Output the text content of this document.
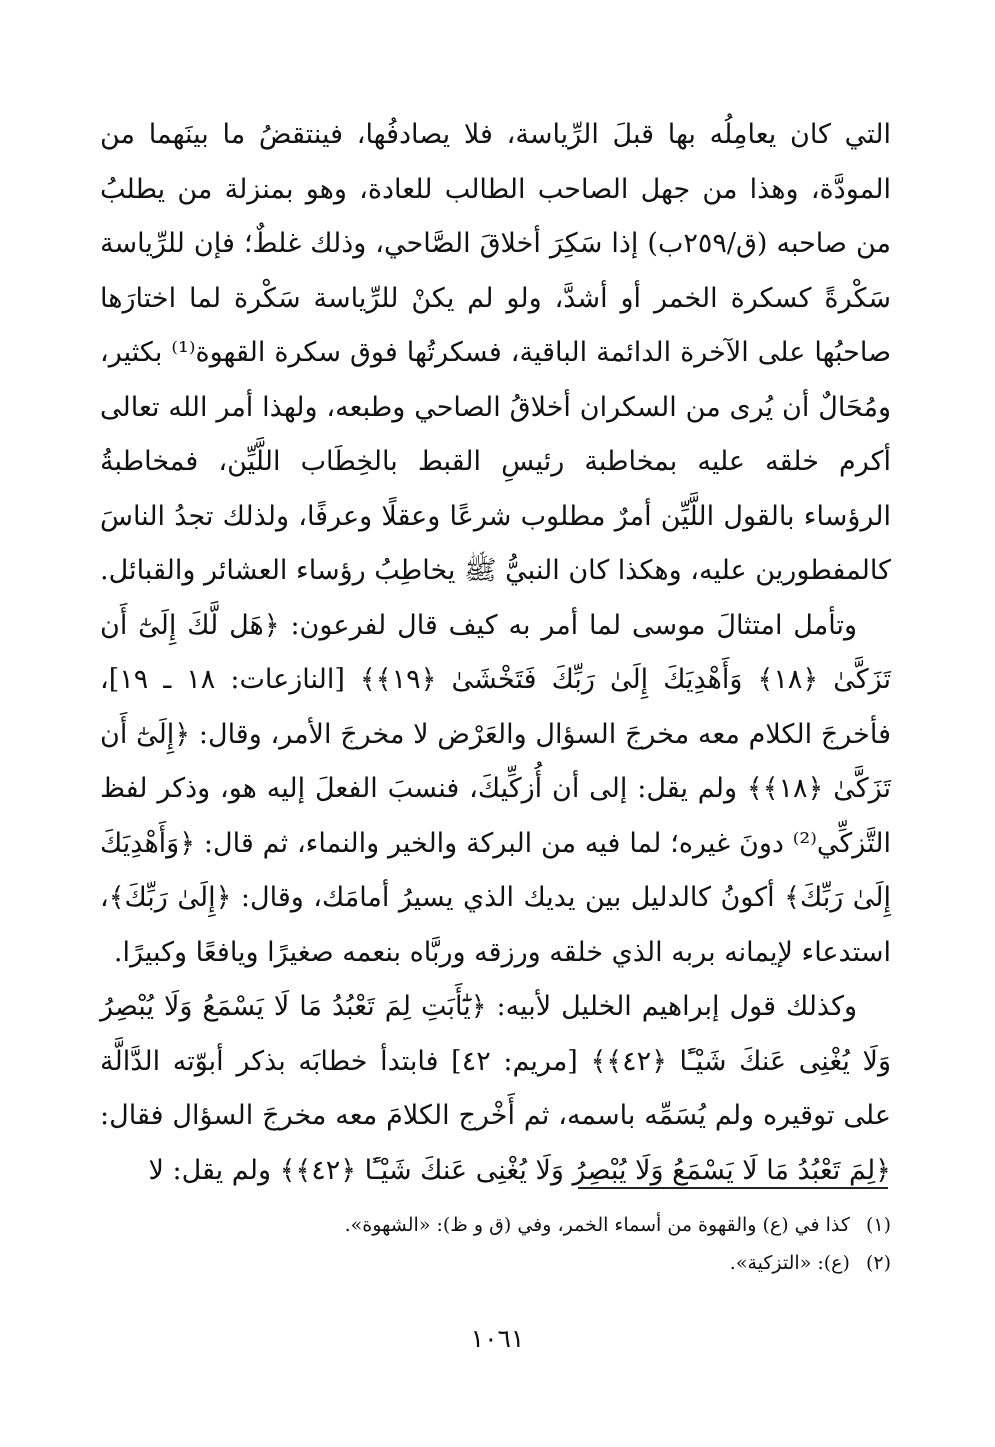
التي كان يعامِلُه بها قبلَ الرِّياسة، فلا يصادفُها، فينتقضُ ما بينَهما من المودَّة، وهذا من جهل الصاحب الطالب للعادة، وهو بمنزلة من يطلبُ من صاحبه (ق/٢٥٩ب) إذا سَكِرَ أخلاقَ الصَّاحي، وذلك غلطٌ؛ فإن للرِّياسة سَكْرةً كسكرة الخمر أو أشدَّ، ولو لم يكنْ للرِّياسة سَكْرة لما اختارَها صاحبُها على الآخرة الدائمة الباقية، فسكرتُها فوق سكرة القهوة⁽¹⁾ بكثير، ومُحَالٌ أن يُرى من السكران أخلاقُ الصاحي وطبعه، ولهذا أمر الله تعالى أكرم خلقه عليه بمخاطبة رئيسِ القبط بالخِطَاب اللَّيِّن، فمخاطبةُ الرؤساء بالقول اللَّيِّن أمرٌ مطلوب شرعًا وعقلًا وعرفًا، ولذلك تجدُ الناسَ كالمفطورين عليه، وهكذا كان النبيُّ ﷺ يخاطِبُ رؤساء العشائر والقبائل.

وتأمل امتثالَ موسى لما أمر به كيف قال لفرعون: ﴿هَل لَّكَ إِلَىٰٓ أَن تَزَكَّىٰ ﴿١٨﴾ وَأَهْدِيَكَ إِلَىٰ رَبِّكَ فَتَخْشَىٰ ﴿١٩﴾﴾ [النازعات: ١٨ ـ ١٩]، فأخرجَ الكلام معه مخرجَ السؤال والعَرْض لا مخرجَ الأمر، وقال: ﴿إِلَىٰٓ أَن تَزَكَّىٰ ﴿١٨﴾﴾ ولم يقل: إلى أن أُزكِّيكَ، فنسبَ الفعلَ إليه هو، وذكر لفظ التَّزكِّي⁽²⁾ دونَ غيره؛ لما فيه من البركة والخير والنماء، ثم قال: ﴿وَأَهْدِيَكَ إِلَىٰ رَبِّكَ﴾ أكونُ كالدليل بين يديك الذي يسيرُ أمامَك، وقال: ﴿إِلَىٰ رَبِّكَ﴾، استدعاء لإيمانه بربه الذي خلقه ورزقه وربَّاه بنعمه صغيرًا ويافعًا وكبيرًا.

وكذلك قول إبراهيم الخليل لأبيه: ﴿يَٰٓأَبَتِ لِمَ تَعْبُدُ مَا لَا يَسْمَعُ وَلَا يُبْصِرُ وَلَا يُغْنِى عَنكَ شَيْـًٔا ﴿٤٢﴾﴾ [مريم: ٤٢] فابتدأ خطابَه بذكر أبوّته الدَّالَّة على توقيره ولم يُسَمِّه باسمه، ثم أَخْرج الكلامَ معه مخرجَ السؤال فقال: ﴿لِمَ تَعْبُدُ مَا لَا يَسْمَعُ وَلَا يُبْصِرُ وَلَا يُغْنِى عَنكَ شَيْـًٔا ﴿٤٢﴾﴾ ولم يقل: لا

(١)كذا في (ع) والقهوة من أسماء الخمر، وفي (ق و ظ): «الشهوة».
(٢)(ع): «التزكية».
١٠٦١
